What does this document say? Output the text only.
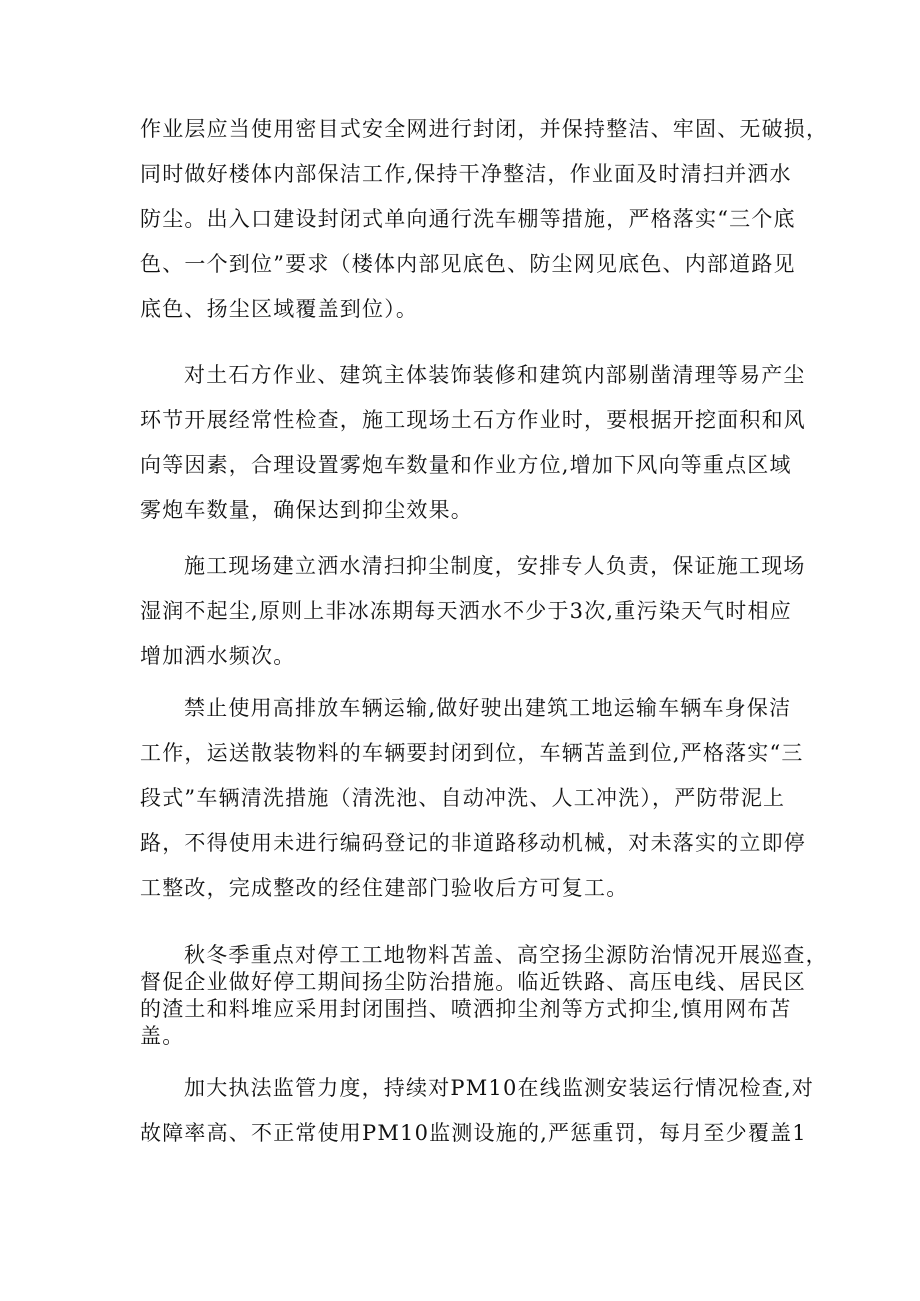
作业层应当使用密目式安全网进行封闭，并保持整洁、牢固、无破损，
同时做好楼体内部保洁工作,保持干净整洁，作业面及时清扫并洒水
防尘。出入口建设封闭式单向通行洗车棚等措施，严格落实“三个底
色、一个到位”要求（楼体内部见底色、防尘网见底色、内部道路见
底色、扬尘区域覆盖到位）。

对土石方作业、建筑主体装饰装修和建筑内部剔凿清理等易产尘
环节开展经常性检查，施工现场土石方作业时，要根据开挖面积和风
向等因素，合理设置雾炮车数量和作业方位,增加下风向等重点区域
雾炮车数量，确保达到抑尘效果。

施工现场建立洒水清扫抑尘制度，安排专人负责，保证施工现场
湿润不起尘,原则上非冰冻期每天洒水不少于3次,重污染天气时相应
增加洒水频次。

禁止使用高排放车辆运输,做好驶出建筑工地运输车辆车身保洁
工作，运送散装物料的车辆要封闭到位，车辆苫盖到位,严格落实“三
段式”车辆清洗措施（清洗池、自动冲洗、人工冲洗），严防带泥上
路，不得使用未进行编码登记的非道路移动机械，对未落实的立即停
工整改，完成整改的经住建部门验收后方可复工。

秋冬季重点对停工工地物料苫盖、高空扬尘源防治情况开展巡查，
督促企业做好停工期间扬尘防治措施。临近铁路、高压电线、居民区
的渣土和料堆应采用封闭围挡、喷洒抑尘剂等方式抑尘,慎用网布苫
盖。

加大执法监管力度，持续对PM10在线监测安装运行情况检查,对
故障率高、不正常使用PM10监测设施的,严惩重罚，每月至少覆盖1
